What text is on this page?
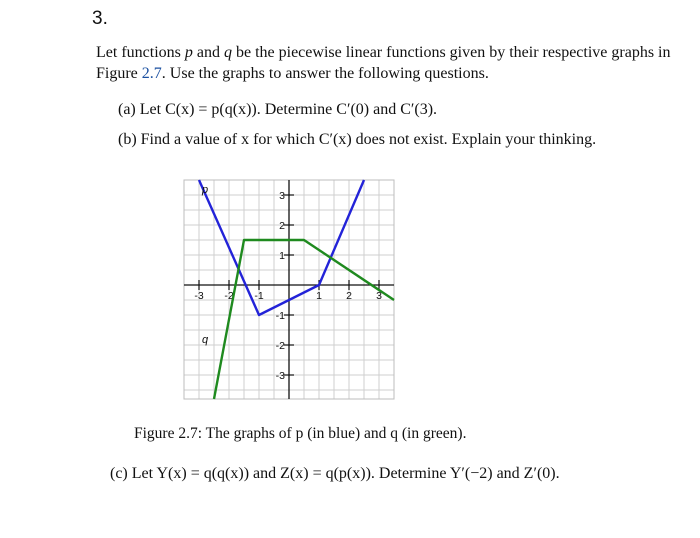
3.
Let functions p and q be the piecewise linear functions given by their respective graphs in Figure 2.7. Use the graphs to answer the following questions.
(a) Let C(x) = p(q(x)). Determine C′(0) and C′(3).
(b) Find a value of x for which C′(x) does not exist. Explain your thinking.
-3 -2 -1	1 2 3
3
2
1
-1
-2
-3
p
q
Figure 2.7: The graphs of p (in blue) and q (in green).
(c) Let Y(x) = q(q(x)) and Z(x) = q(p(x)). Determine Y′(−2) and Z′(0).
